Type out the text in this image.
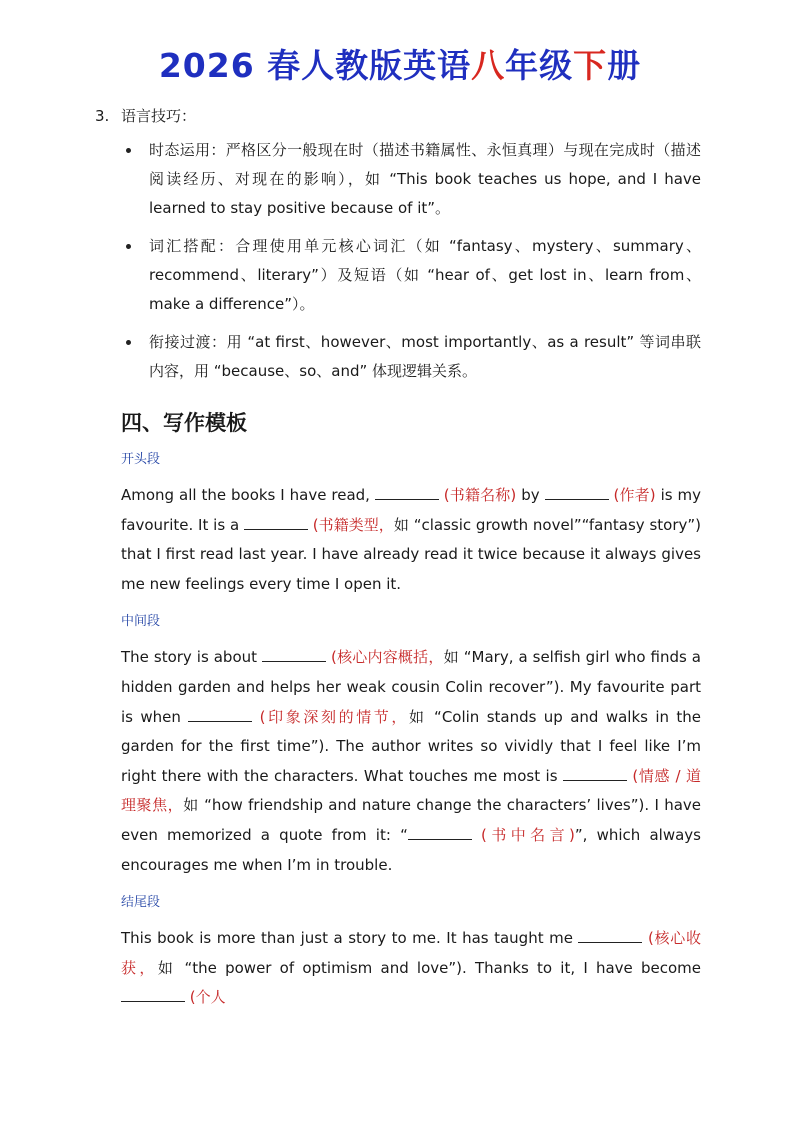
2026 春人教版英语八年级下册
3. 语言技巧：
时态运用：严格区分一般现在时（描述书籍属性、永恒真理）与现在完成时（描述阅读经历、对现在的影响），如 “This book teaches us hope, and I have learned to stay positive because of it”。
词汇搭配：合理使用单元核心词汇（如 “fantasy、mystery、summary、recommend、literary”）及短语（如 “hear of、get lost in、learn from、make a difference”）。
衔接过渡：用 “at first、however、most importantly、as a result” 等词串联内容，用 “because、so、and” 体现逻辑关系。
四、写作模板
开头段

Among all the books I have read,	(书籍名称) by	(作者) is my favourite. It is a	(书籍类型，如 “classic growth novel”“fantasy story”) that I first read last year. I have already read it twice because it always gives me new feelings every time I open it.

中间段

The story is about	(核心内容概括，如 “Mary, a selfish girl who finds a hidden garden and helps her weak cousin Colin recover”). My favourite part is when	(印象深刻的情节，如 “Colin stands up and walks in the garden for the first time”). The author writes so vividly that I feel like I’m right there with the characters. What touches me most is	(情感 / 道理聚焦，如 “how friendship and nature change the characters’ lives”). I have even memorized a quote from it: “	(书中名言)”, which always encourages me when I’m in trouble.

结尾段

This book is more than just a story to me. It has taught me	(核心收获，如 “the power of optimism and love”). Thanks to it, I have become  (个人
